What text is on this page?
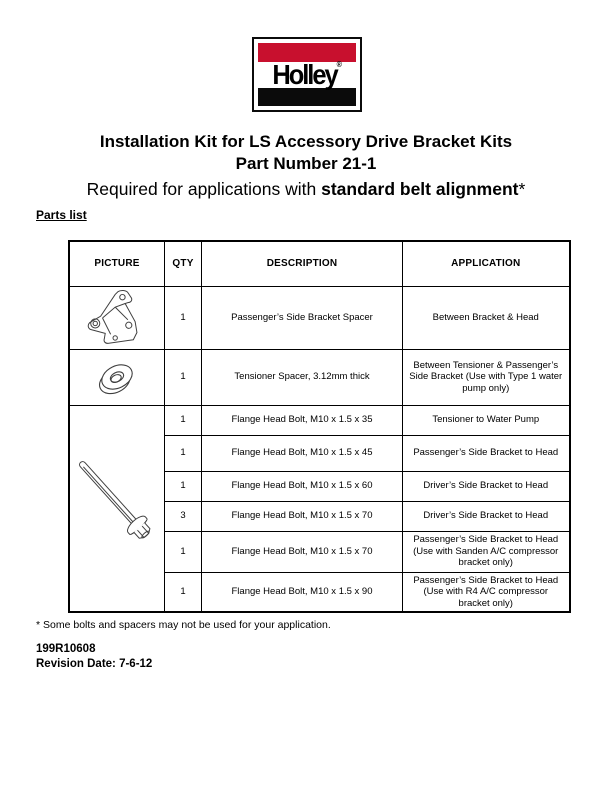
Holley®
Installation Kit for LS Accessory Drive Bracket Kits
Part Number 21-1
Required for applications with standard belt alignment*
Parts list
PICTURE	QTY	DESCRIPTION	APPLICATION

	1	Passenger’s Side Bracket Spacer	Between Bracket & Head

	1	Tensioner Spacer, 3.12mm thick	Between Tensioner & Passenger’s Side Bracket (Use with Type 1 water pump only)

	1	Flange Head Bolt, M10 x 1.5 x 35	Tensioner to Water Pump
	1	Flange Head Bolt, M10 x 1.5 x 45	Passenger’s Side Bracket to Head
	1	Flange Head Bolt, M10 x 1.5 x 60	Driver’s Side Bracket to Head
	3	Flange Head Bolt, M10 x 1.5 x 70	Driver’s Side Bracket to Head
	1	Flange Head Bolt, M10 x 1.5 x 70	Passenger’s Side Bracket to Head (Use with Sanden A/C compressor bracket only)
	1	Flange Head Bolt, M10 x 1.5 x 90	Passenger’s Side Bracket to Head (Use with R4 A/C compressor bracket only)
* Some bolts and spacers may not be used for your application.
199R10608
Revision Date: 7-6-12
